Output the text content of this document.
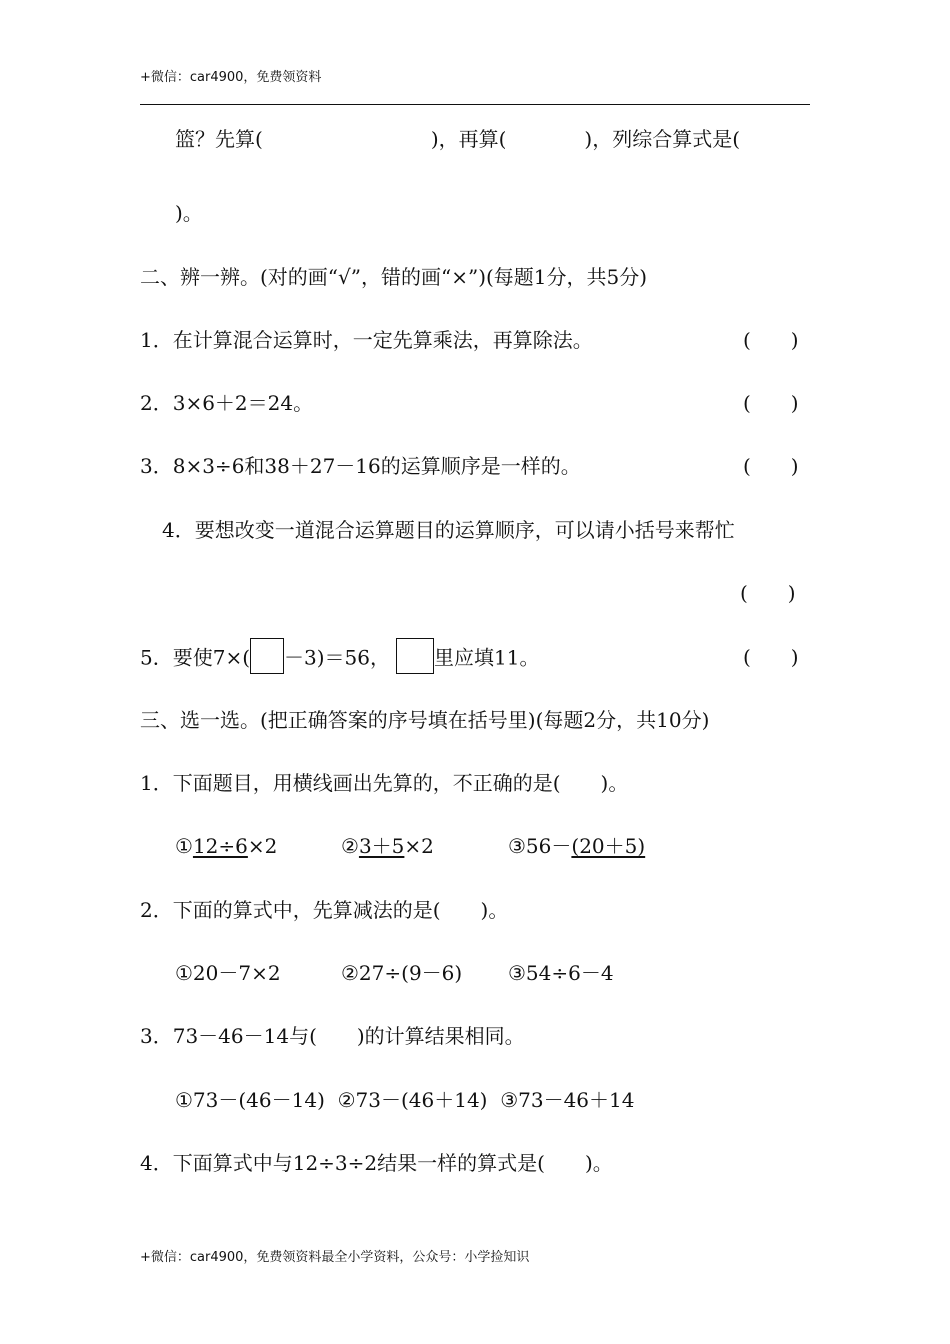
+微信：car4900，免费领资料
篮？先算(	)，再算(	)，列综合算式是(
)。
二、辨一辨。(对的画“√”，错的画“×”)(每题1分，共5分)
1．在计算混合运算时，一定先算乘法，再算除法。	(　　)
2．3×6＋2＝24。	(　　)
3．8×3÷6和38＋27－16的运算顺序是一样的。	(　　)
4．要想改变一道混合运算题目的运算顺序，可以请小括号来帮忙
(　　)
5．要使7×( －3)＝56， 里应填11。	(　　)
三、选一选。(把正确答案的序号填在括号里)(每题2分，共10分)
1．下面题目，用横线画出先算的，不正确的是(　　)。
①12÷6×2	②3＋5×2	③56－(20＋5)
2．下面的算式中，先算减法的是(　　)。
①20－7×2	②27÷(9－6) ③54÷6－4
3．73－46－14与(　　)的计算结果相同。
①73－(46－14)  ②73－(46＋14)  ③73－46＋14
4．下面算式中与12÷3÷2结果一样的算式是(　　)。
+微信：car4900，免费领资料最全小学资料，公众号：小学捡知识
